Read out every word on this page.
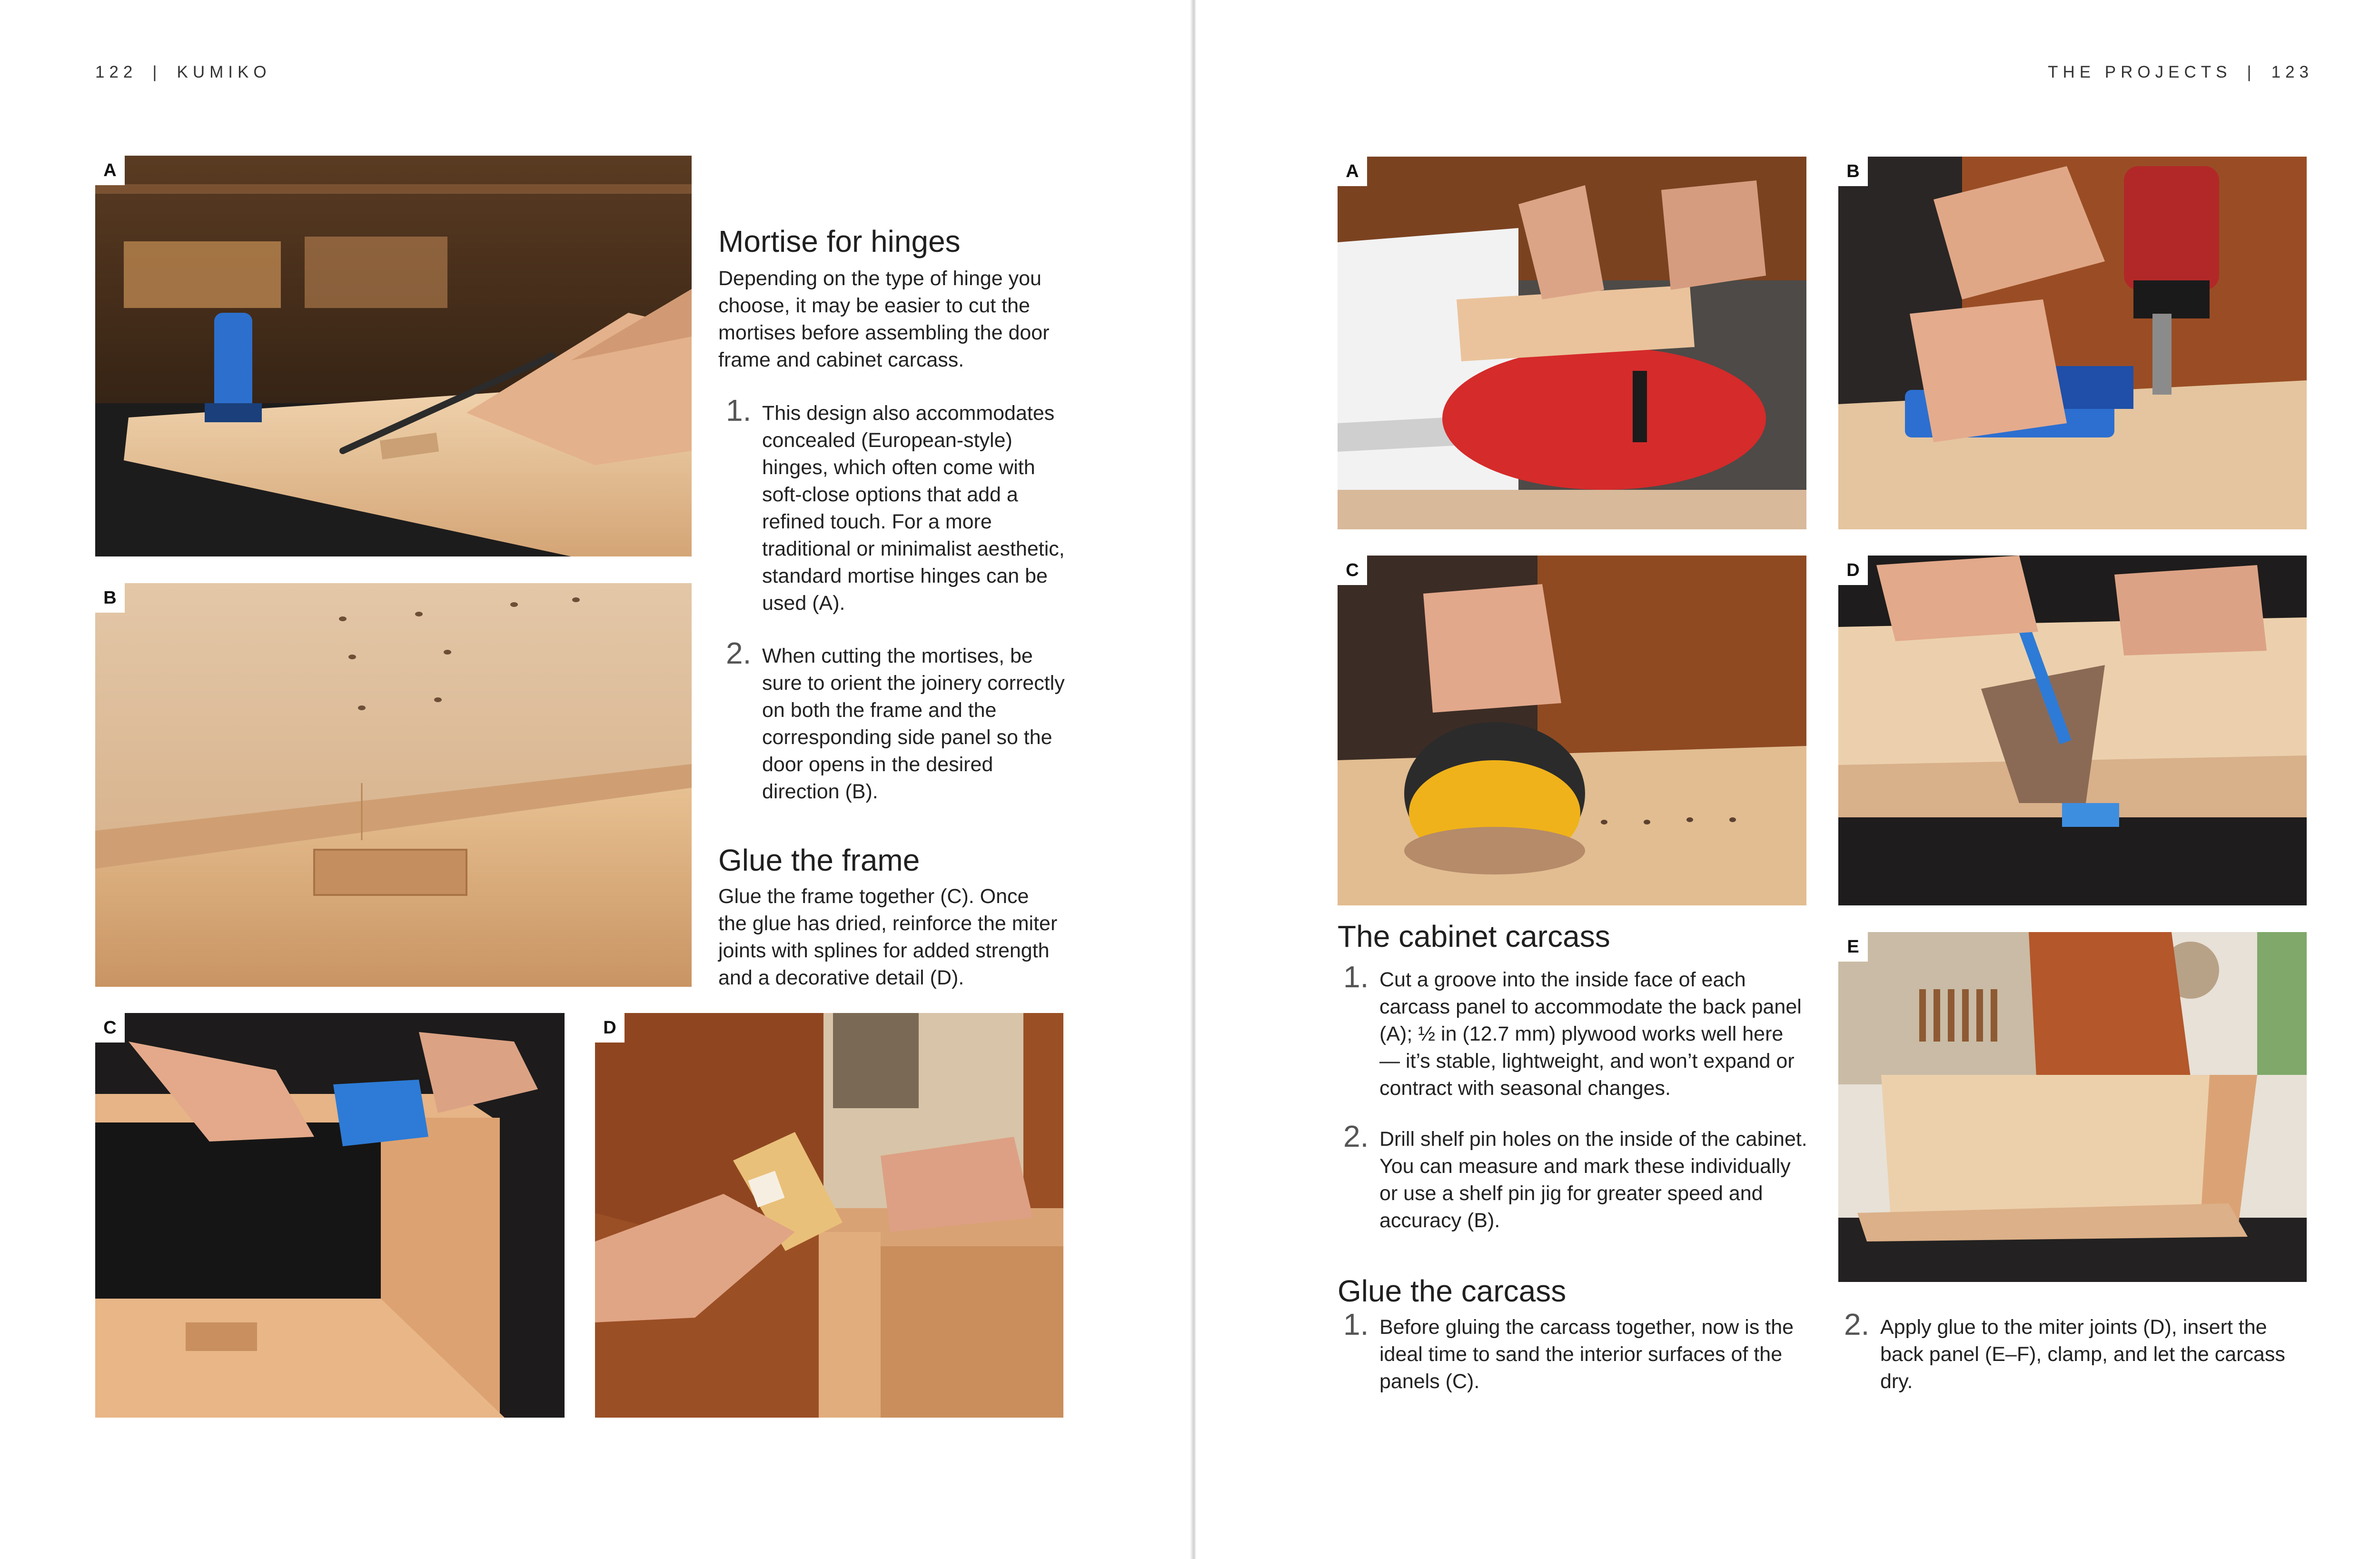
122 | KUMIKO
A
B
C	D
Mortise for hinges

Depending on the type of hinge you choose, it may be easier to cut the mortises before assembling the door frame and cabinet carcass.

1. This design also accommodates concealed (European-style) hinges, which often come with soft-close options that add a refined touch. For a more traditional or minimalist aesthetic, standard mortise hinges can be used (A).
2. When cutting the mortises, be sure to orient the joinery correctly on both the frame and the corresponding side panel so the door opens in the desired direction (B).
Glue the frame

Glue the frame together (C). Once the glue has dried, reinforce the miter joints with splines for added strength and a decorative detail (D).

THE PROJECTS | 123
A	B
C	D
E
The cabinet carcass
1. Cut a groove into the inside face of each carcass panel to accommodate the back panel (A); ½ in (12.7 mm) plywood works well here — it’s stable, lightweight, and won’t expand or contract with seasonal changes.
2. Drill shelf pin holes on the inside of the cabinet. You can measure and mark these individually or use a shelf pin jig for greater speed and accuracy (B).
Glue the carcass
1. Before gluing the carcass together, now is the ideal time to sand the interior surfaces of the panels (C).
2. Apply glue to the miter joints (D), insert the back panel (E–F), clamp, and let the carcass dry.
